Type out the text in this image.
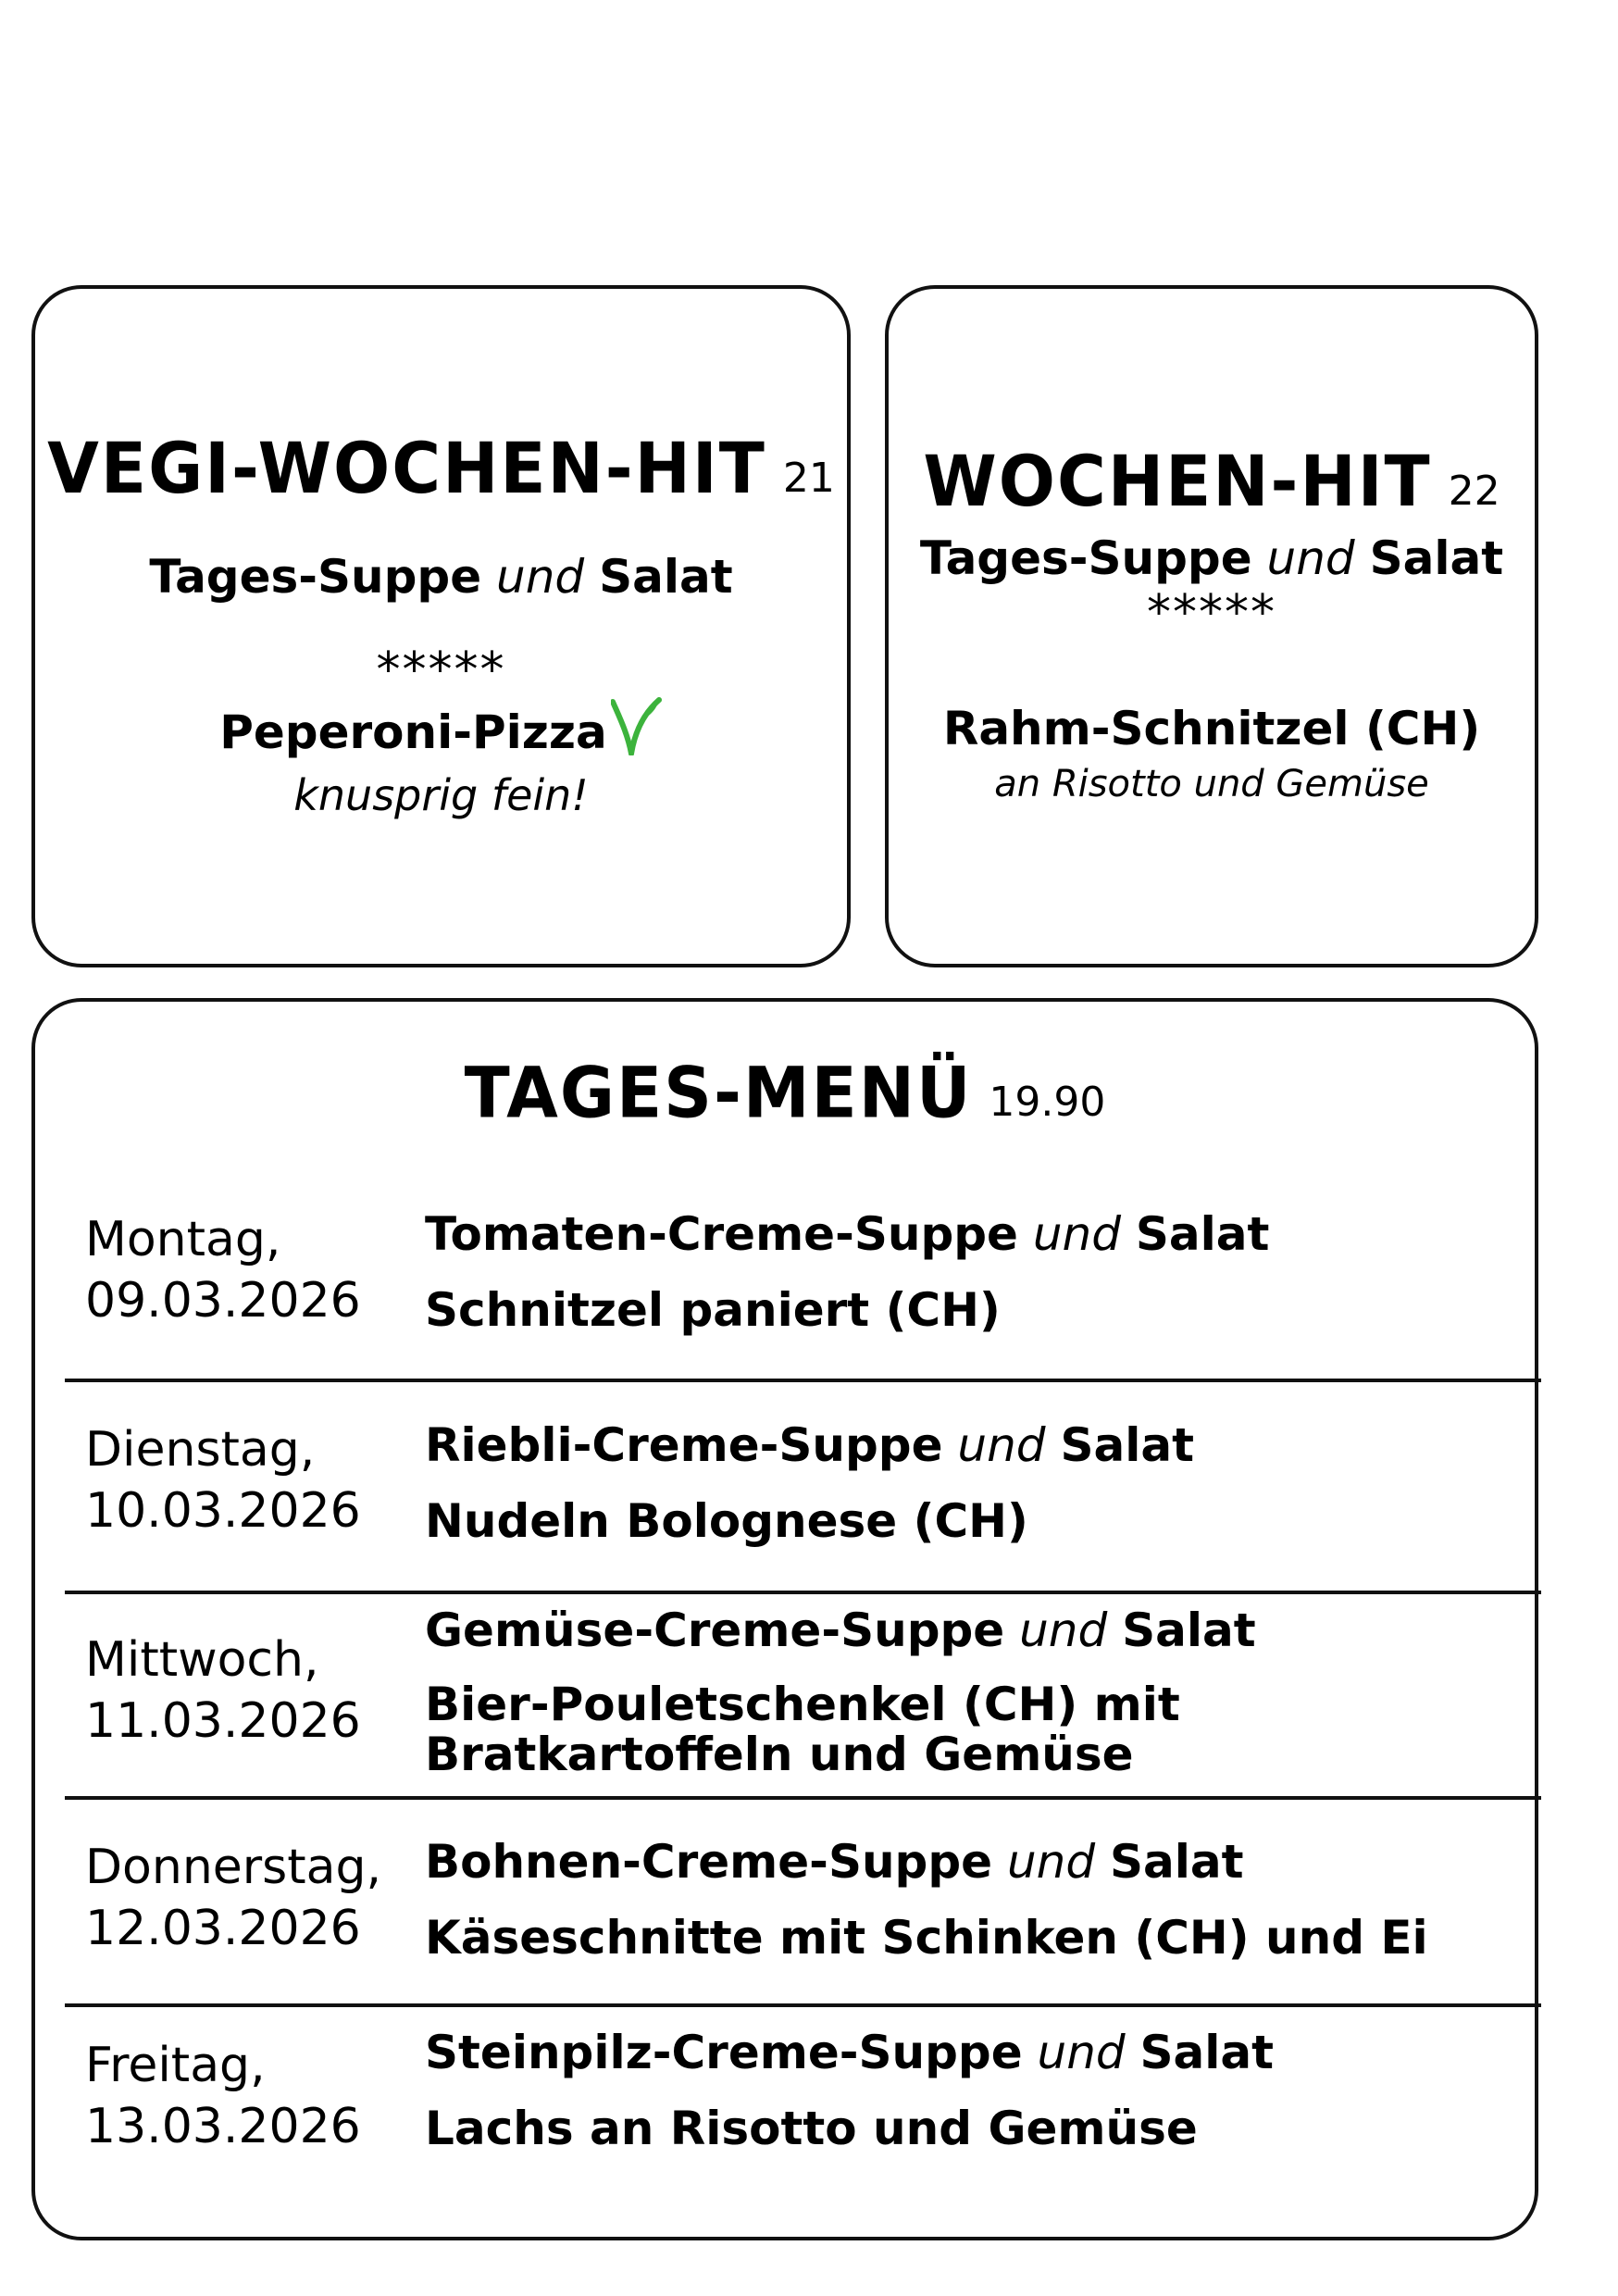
VEGI-WOCHEN-HIT 21
Tages-Suppe und Salat
*****
Peperoni-Pizza
knusprig fein!
WOCHEN-HIT 22
Tages-Suppe und Salat
*****
Rahm-Schnitzel (CH)
an Risotto und Gemüse
TAGES-MENÜ 19.90
Montag,
09.03.2026
Tomaten-Creme-Suppe und Salat
Schnitzel paniert (CH)
Dienstag,
10.03.2026
Riebli-Creme-Suppe und Salat
Nudeln Bolognese (CH)
Mittwoch,
11.03.2026
Gemüse-Creme-Suppe und Salat
Bier-Pouletschenkel (CH) mit Bratkartoffeln und Gemüse
Donnerstag,
12.03.2026
Bohnen-Creme-Suppe und Salat
Käseschnitte mit Schinken (CH) und Ei
Freitag,
13.03.2026
Steinpilz-Creme-Suppe und Salat
Lachs an Risotto und Gemüse
